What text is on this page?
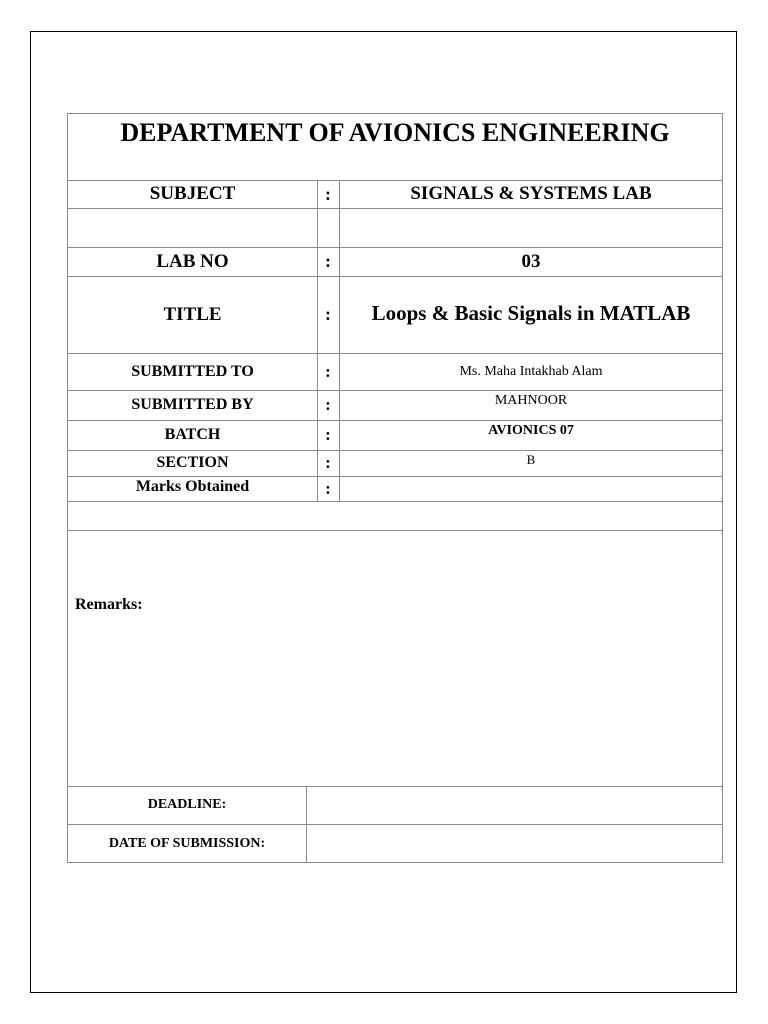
DEPARTMENT OF AVIONICS ENGINEERING
SUBJECT	:	SIGNALS & SYSTEMS LAB
LAB NO	:	03
TITLE	:	Loops & Basic Signals in MATLAB
SUBMITTED TO	:	Ms. Maha Intakhab Alam
SUBMITTED BY	:	MAHNOOR
BATCH	:	AVIONICS 07
SECTION	:	B
Marks Obtained	:
Remarks:
DEADLINE:
DATE OF SUBMISSION:
